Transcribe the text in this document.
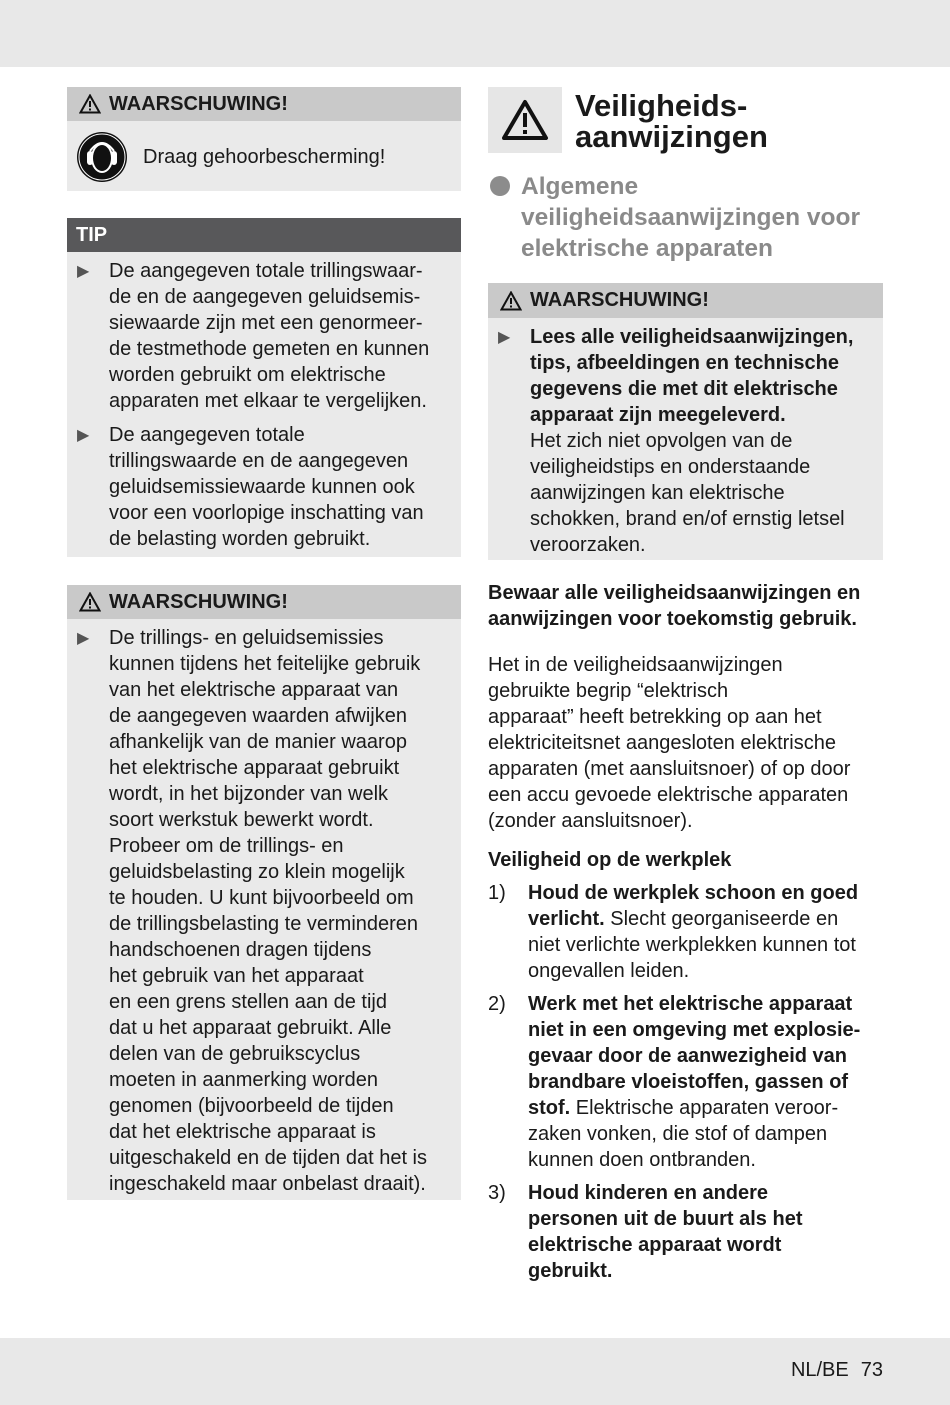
WAARSCHUWING!
Draag gehoorbescherming!
TIP
▶ De aangegeven totale trillingswaar-
de en de aangegeven geluidsemis-
siewaarde zijn met een genormeer-
de testmethode gemeten en kunnen
worden gebruikt om elektrische
apparaten met elkaar te vergelijken.
▶ De aangegeven totale
trillingswaarde en de aangegeven
geluidsemissiewaarde kunnen ook
voor een voorlopige inschatting van
de belasting worden gebruikt.
WAARSCHUWING!
▶ De trillings- en geluidsemissies
kunnen tijdens het feitelijke gebruik
van het elektrische apparaat van
de aangegeven waarden afwijken
afhankelijk van de manier waarop
het elektrische apparaat gebruikt
wordt, in het bijzonder van welk
soort werkstuk bewerkt wordt.
Probeer om de trillings- en
geluidsbelasting zo klein mogelijk
te houden. U kunt bijvoorbeeld om
de trillingsbelasting te verminderen
handschoenen dragen tijdens
het gebruik van het apparaat
en een grens stellen aan de tijd
dat u het apparaat gebruikt. Alle
delen van de gebruikscyclus
moeten in aanmerking worden
genomen (bijvoorbeeld de tijden
dat het elektrische apparaat is
uitgeschakeld en de tijden dat het is
ingeschakeld maar onbelast draait).
Veiligheids-
aanwijzingen
Algemene
veiligheidsaanwijzingen voor
elektrische apparaten
WAARSCHUWING!
▶ Lees alle veiligheidsaanwijzingen,
tips, afbeeldingen en technische
gegevens die met dit elektrische
apparaat zijn meegeleverd.
Het zich niet opvolgen van de
veiligheidstips en onderstaande
aanwijzingen kan elektrische
schokken, brand en/of ernstig letsel
veroorzaken.
Bewaar alle veiligheidsaanwijzingen en
aanwijzingen voor toekomstig gebruik.
Het in de veiligheidsaanwijzingen
gebruikte begrip “elektrisch
apparaat” heeft betrekking op aan het
elektriciteitsnet aangesloten elektrische
apparaten (met aansluitsnoer) of op door
een accu gevoede elektrische apparaten
(zonder aansluitsnoer).
Veiligheid op de werkplek
1)	Houd de werkplek schoon en goed
verlicht. Slecht georganiseerde en
niet verlichte werkplekken kunnen tot
ongevallen leiden.
2)	Werk met het elektrische apparaat
niet in een omgeving met explosie-
gevaar door de aanwezigheid van
brandbare vloeistoffen, gassen of
stof. Elektrische apparaten veroor-
zaken vonken, die stof of dampen
kunnen doen ontbranden.
3)	Houd kinderen en andere
personen uit de buurt als het
elektrische apparaat wordt
gebruikt.
NL/BE 73
